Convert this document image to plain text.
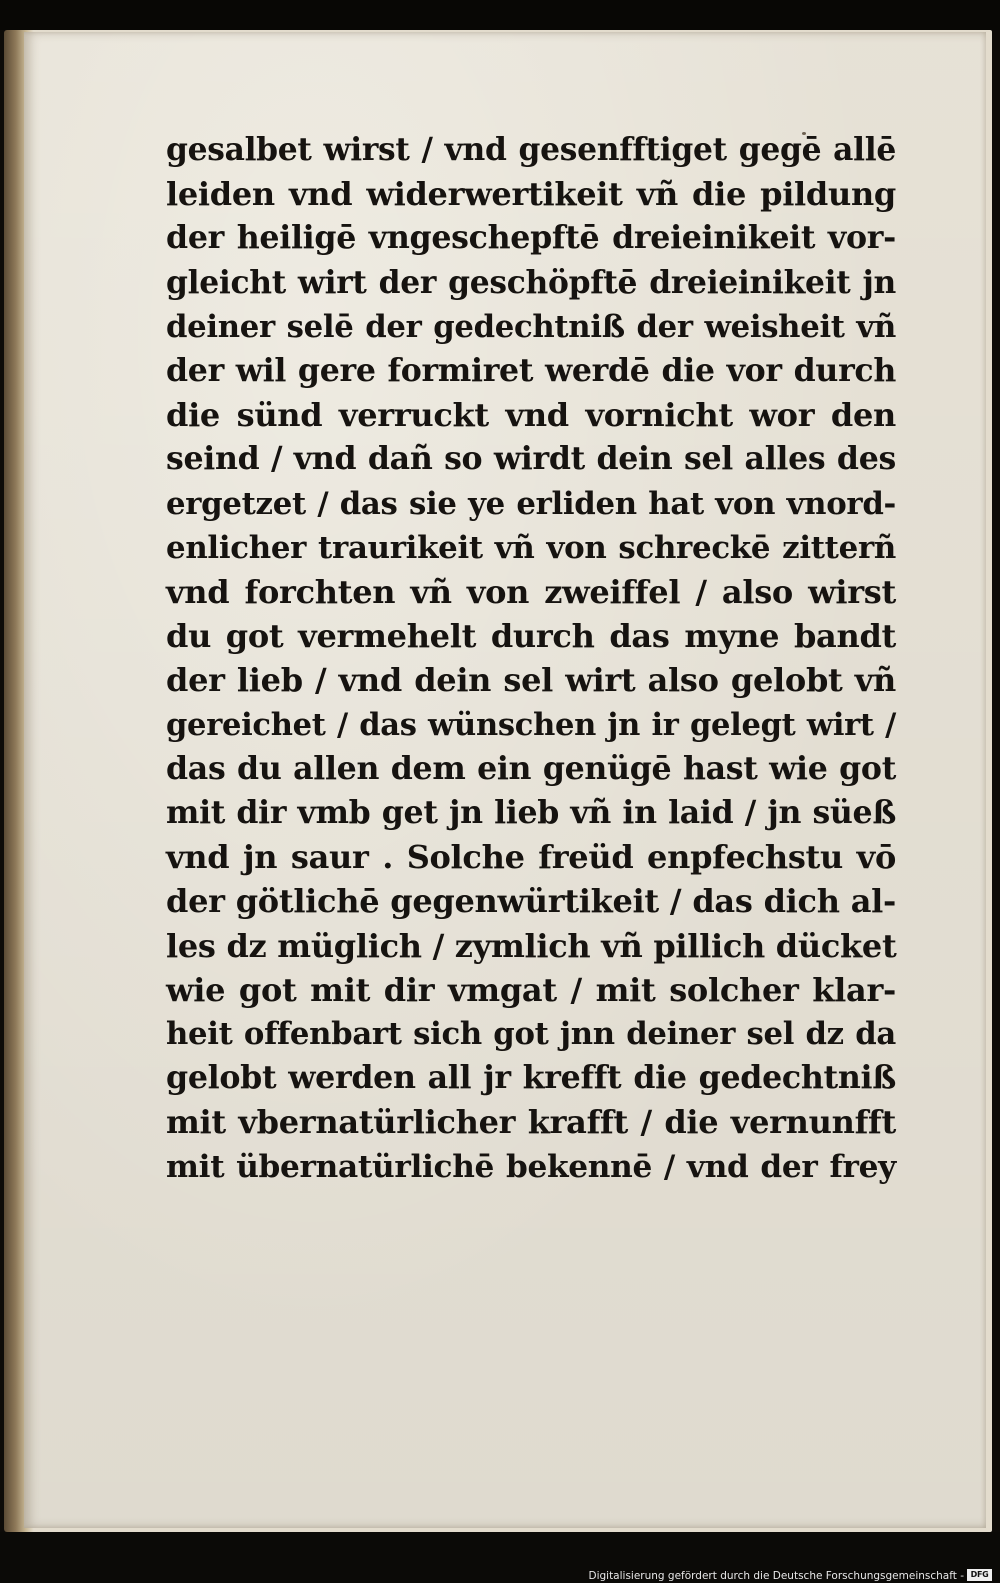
gesalbet wirst / vnd gesenfftiget gegē allē
leiden vnd widerwertikeit vñ die pildung
der heiligē vngeschepftē dreieinikeit vor-
gleicht wirt der geschöpftē dreieinikeit jn
deiner selē der gedechtniß der weisheit vñ
der wil gere formiret werdē die vor durch
die sünd verruckt vnd vornicht wor den
seind / vnd dañ so wirdt dein sel alles des
ergetzet / das sie ye erliden hat von vnord-
enlicher traurikeit vñ von schreckē zitterñ
vnd forchten vñ von zweiffel / also wirst
du got vermehelt durch das myne bandt
der lieb / vnd dein sel wirt also gelobt vñ
gereichet / das wünschen jn ir gelegt wirt /
das du allen dem ein genügē hast wie got
mit dir vmb get jn lieb vñ in laid / jn süeß
vnd jn saur . Solche freüd enpfechstu vō
der götlichē gegenwürtikeit / das dich al-
les dz müglich / zymlich vñ pillich dücket
wie got mit dir vmgat / mit solcher klar-
heit offenbart sich got jnn deiner sel dz da
gelobt werden all jr krefft die gedechtniß
mit vbernatürlicher krafft / die vernunfft
mit übernatürlichē bekennē / vnd der frey
Digitalisierung gefördert durch die Deutsche Forschungsgemeinschaft - DFG
